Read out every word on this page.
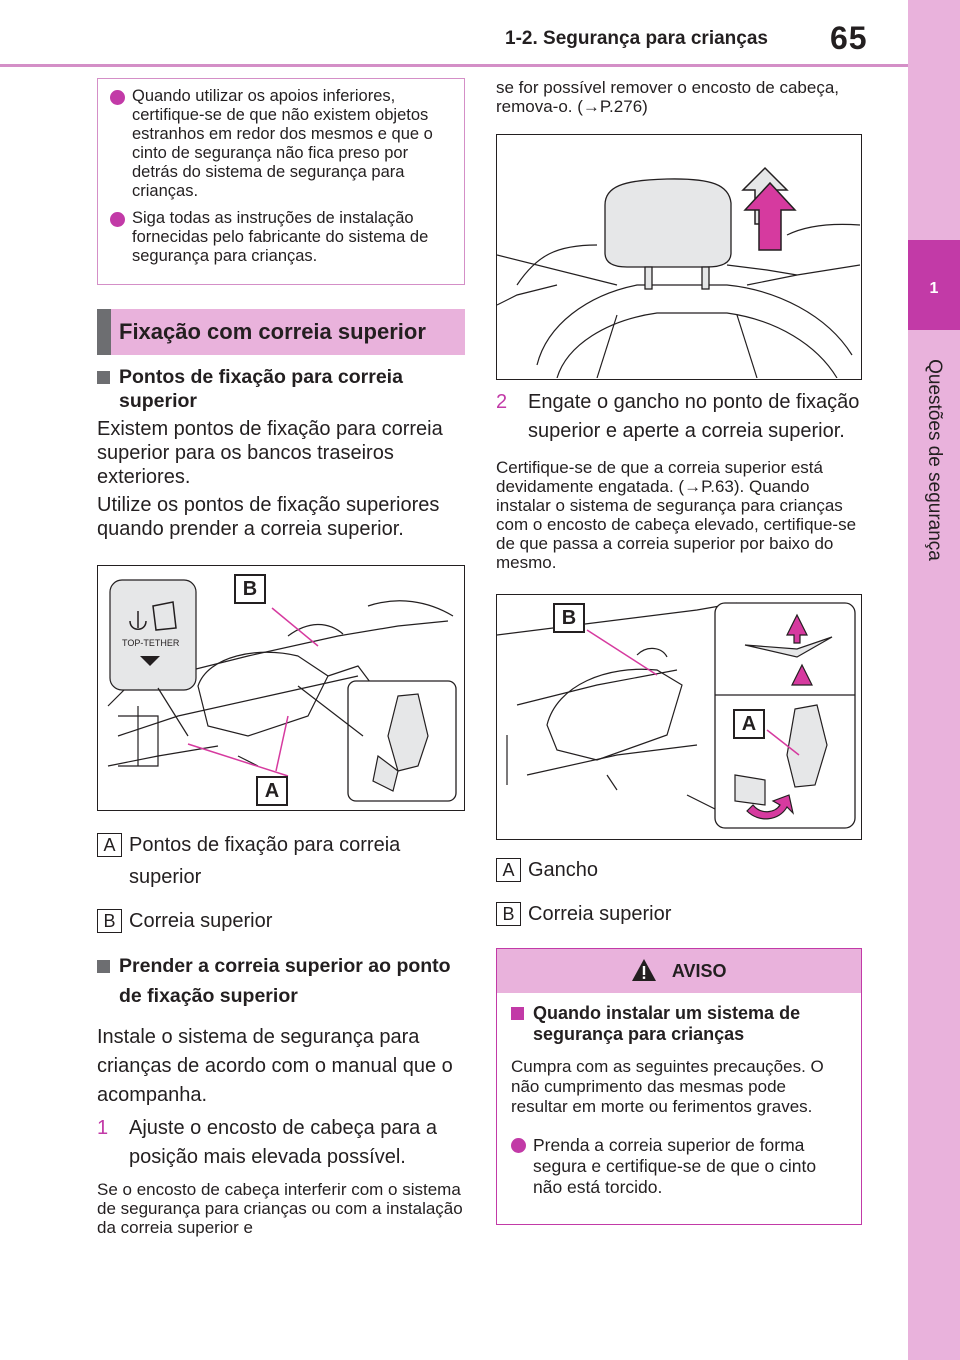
1-2. Segurança para crianças 65
1
Questões de segurança
Quando utilizar os apoios inferiores, certifique-se de que não existem objetos estranhos em redor dos mesmos e que o cinto de segurança não fica preso por detrás do sistema de segurança para crianças.
Siga todas as instruções de instalação fornecidas pelo fabricante do sistema de segurança para crianças.
Fixação com correia superior
Pontos de fixação para correia superior
Existem pontos de fixação para correia superior para os bancos traseiros exteriores.
Utilize os pontos de fixação superiores quando prender a correia superior.
TOP-TETHER
B
A
A Pontos de fixação para correia superior
B Correia superior
Prender a correia superior ao ponto de fixação superior
Instale o sistema de segurança para crianças de acordo com o manual que o acompanha.
1 Ajuste o encosto de cabeça para a posição mais elevada possível.
Se o encosto de cabeça interferir com o sistema de segurança para crianças ou com a instalação da correia superior e
se for possível remover o encosto de cabeça, remova-o. (→P.276)
2 Engate o gancho no ponto de fixação superior e aperte a correia superior.
Certifique-se de que a correia superior está devidamente engatada. (→P.63). Quando instalar o sistema de segurança para crianças com o encosto de cabeça elevado, certifique-se de que passa a correia superior por baixo do mesmo.
B
A
A Gancho
B Correia superior
AVISO
Quando instalar um sistema de segurança para crianças
Cumpra com as seguintes precauções. O não cumprimento das mesmas pode resultar em morte ou ferimentos graves.
Prenda a correia superior de forma segura e certifique-se de que o cinto não está torcido.
